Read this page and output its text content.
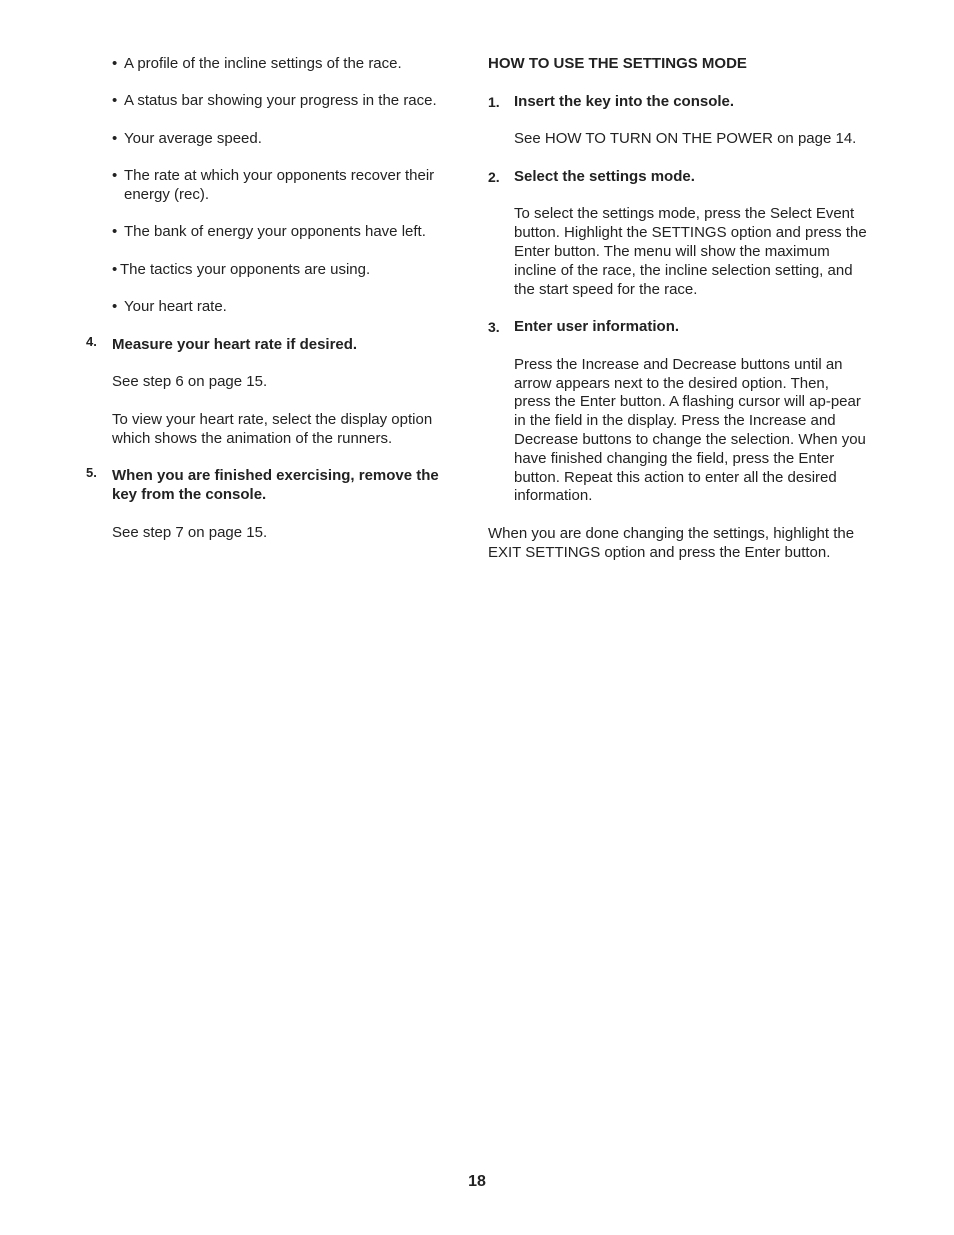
• A profile of the incline settings of the race.
• A status bar showing your progress in the race.
• Your average speed.
• The rate at which your opponents recover their energy (rec).
• The bank of energy your opponents have left.
• The tactics your opponents are using.
• Your heart rate.
4. Measure your heart rate if desired.

See step 6 on page 15.

To view your heart rate, select the display option which shows the animation of the runners.

5. When you are finished exercising, remove the key from the console.

See step 7 on page 15.

HOW TO USE THE SETTINGS MODE

1. Insert the key into the console.

See HOW TO TURN ON THE POWER on page 14.

2. Select the settings mode.

To select the settings mode, press the Select Event button. Highlight the SETTINGS option and press the Enter button. The menu will show the maximum incline of the race, the incline selection setting, and the start speed for the race.

3. Enter user information.

Press the Increase and Decrease buttons until an arrow appears next to the desired option. Then, press the Enter button. A flashing cursor will ap-pear in the field in the display. Press the Increase and Decrease buttons to change the selection. When you have finished changing the field, press the Enter button. Repeat this action to enter all the desired information.

When you are done changing the settings, highlight the EXIT SETTINGS option and press the Enter button.

18
